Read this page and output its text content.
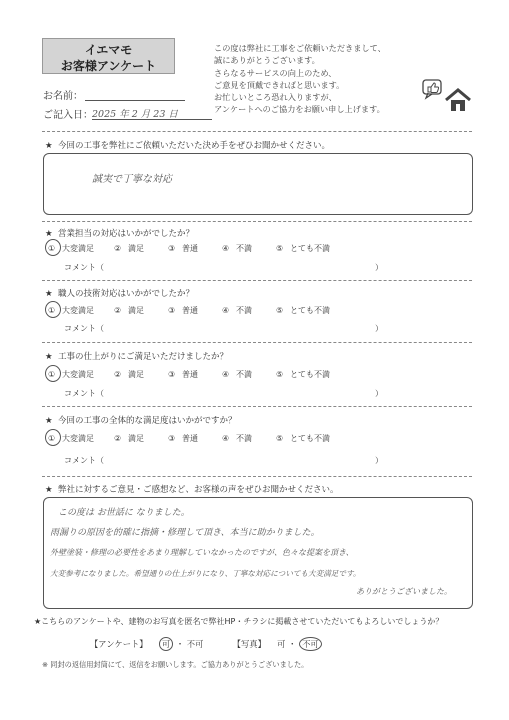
イエマモ
お客様アンケート
この度は弊社に工事をご依頼いただきまして、
誠にありがとうございます。
さらなるサービスの向上のため、
ご意見を頂戴できればと思います。
お忙しいところ恐れ入りますが、
アンケートへのご協力をお願い申し上げます。
お名前：
ご記入日： 2025 年 2 月 23 日
★ 今回の工事を弊社にご依頼いただいた決め手をぜひお聞かせください。
誠実で丁寧な対応
★ 営業担当の対応はいかがでしたか？
① 大変満足	② 満足	③ 普通	④ 不満	⑤ とても不満
コメント（	）
★ 職人の技術対応はいかがでしたか？
① 大変満足	② 満足	③ 普通	④ 不満	⑤ とても不満
コメント（	）
★ 工事の仕上がりにご満足いただけましたか？
① 大変満足	② 満足	③ 普通	④ 不満	⑤ とても不満
コメント（	）
★ 今回の工事の全体的な満足度はいかがですか？
① 大変満足	② 満足	③ 普通	④ 不満	⑤ とても不満
コメント（	）
★ 弊社に対するご意見・ご感想など、お客様の声をぜひお聞かせください。
この度は お世話に なりました。
雨漏りの原因を的確に指摘・修理して頂き、本当に助かりました。
外壁塗装・修理の必要性をあまり理解していなかったのですが、色々な提案を頂き、
大変参考になりました。希望通りの仕上がりになり、丁寧な対応についても大変満足です。
ありがとうございました。
★こちらのアンケートや、建物のお写真を匿名で弊社HP・チラシに掲載させていただいてもよろしいでしょうか？
【アンケート】 可 ・ 不可	【写真】 可 ・ 不可
※ 同封の返信用封筒にて、返信をお願いします。ご協力ありがとうございました。
